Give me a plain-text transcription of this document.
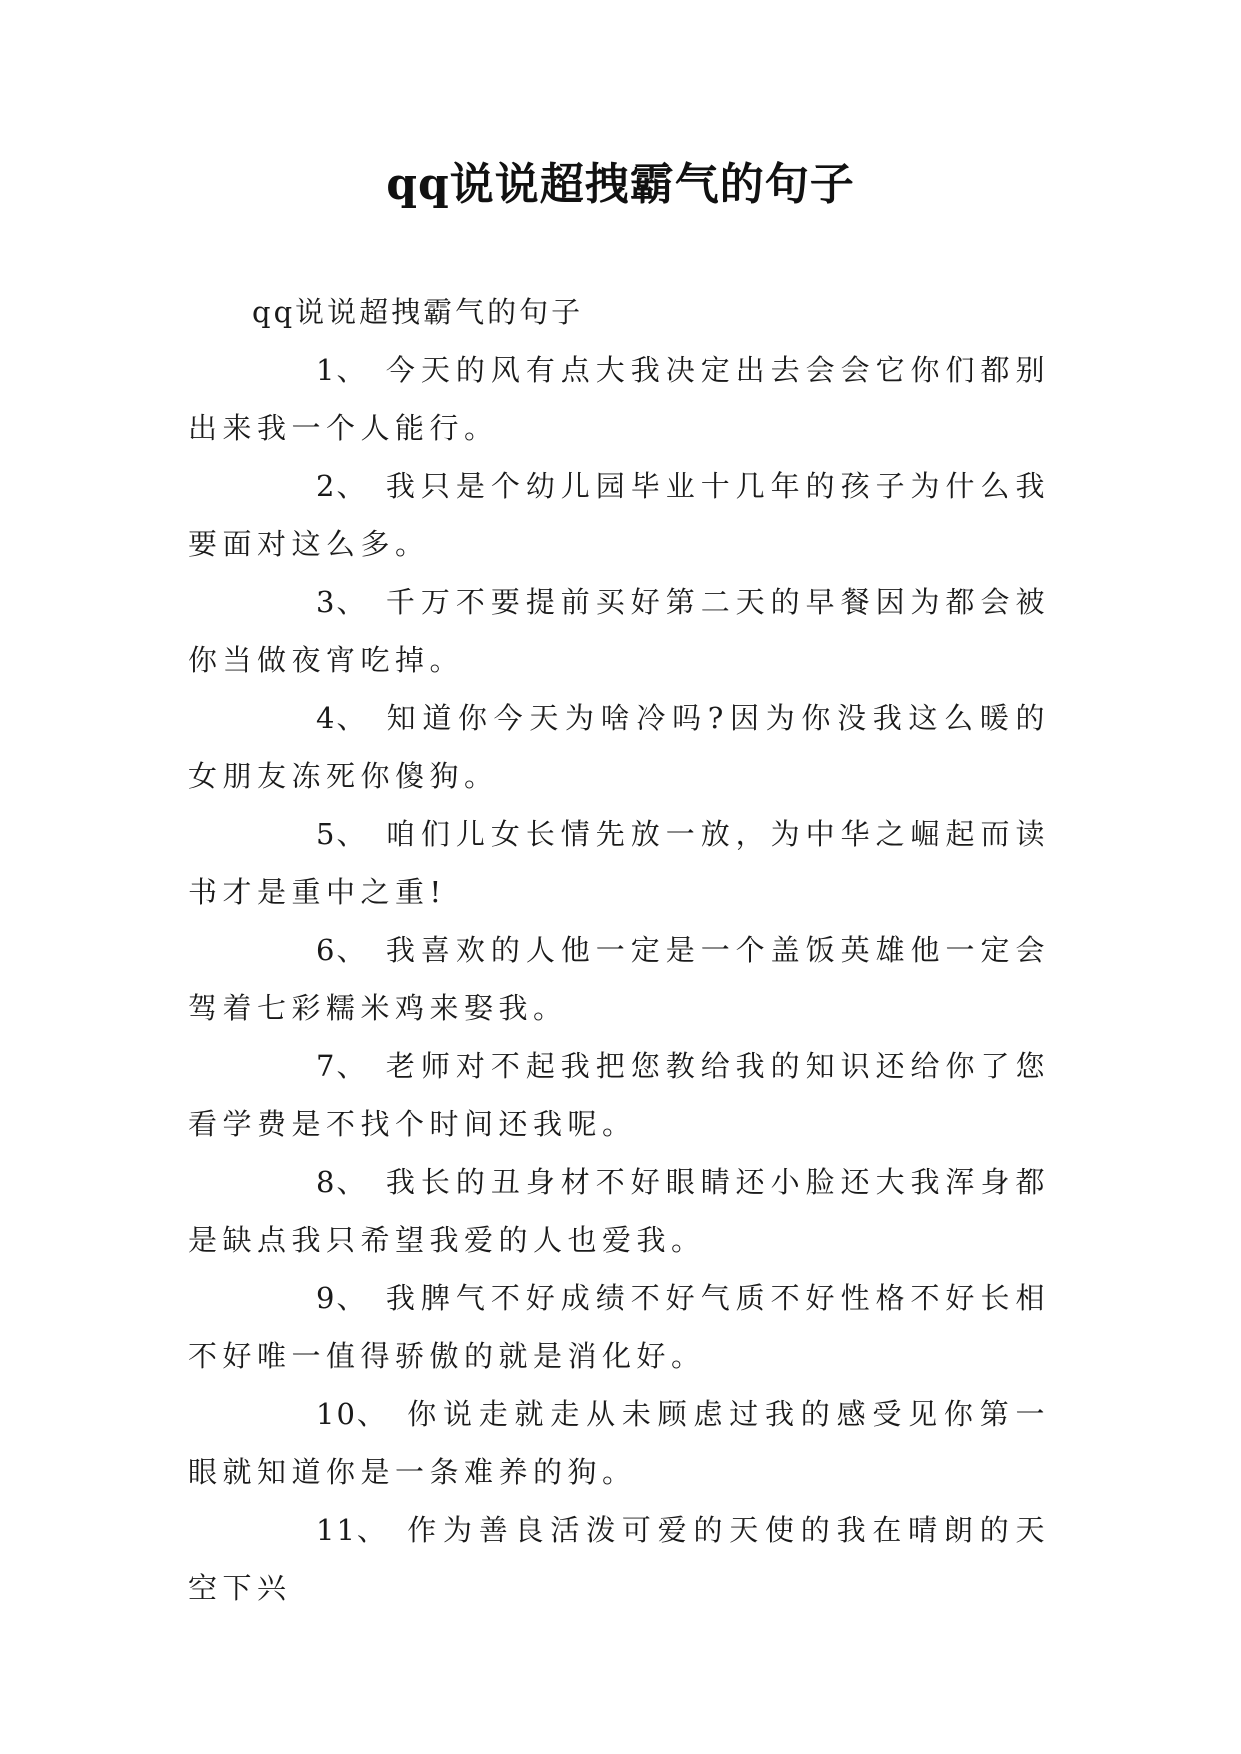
qq说说超拽霸气的句子

qq说说超拽霸气的句子

1、 今天的风有点大我决定出去会会它你们都别出来我一个人能行。

2、 我只是个幼儿园毕业十几年的孩子为什么我要面对这么多。

3、 千万不要提前买好第二天的早餐因为都会被你当做夜宵吃掉。

4、 知道你今天为啥冷吗?因为你没我这么暖的女朋友冻死你傻狗。

5、 咱们儿女长情先放一放，为中华之崛起而读书才是重中之重!

6、 我喜欢的人他一定是一个盖饭英雄他一定会驾着七彩糯米鸡来娶我。

7、 老师对不起我把您教给我的知识还给你了您看学费是不找个时间还我呢。

8、 我长的丑身材不好眼睛还小脸还大我浑身都是缺点我只希望我爱的人也爱我。

9、 我脾气不好成绩不好气质不好性格不好长相不好唯一值得骄傲的就是消化好。

10、 你说走就走从未顾虑过我的感受见你第一眼就知道你是一条难养的狗。

11、 作为善良活泼可爱的天使的我在晴朗的天空下兴
